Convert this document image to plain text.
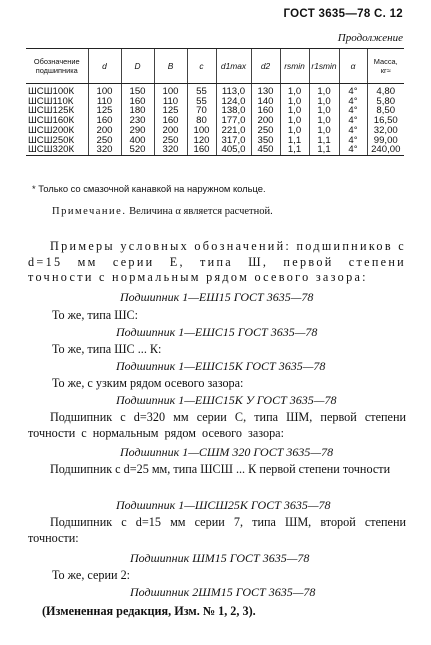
ГОСТ 3635—78 С. 12
Продолжение
Обозначение подшипника	d	D	B	c	d1max	d2	rsmin	r1smin	α	Масса, кг≈
ШСШ100К	100	150	100	55	113,0	130	1,0	1,0	4°	4,80
ШСШ110К	110	160	110	55	124,0	140	1,0	1,0	4°	5,80
ШСШ125К	125	180	125	70	138,0	160	1,0	1,0	4°	8,50
ШСШ160К	160	230	160	80	177,0	200	1,0	1,0	4°	16,50
ШСШ200К	200	290	200	100	221,0	250	1,0	1,0	4°	32,00
ШСШ250К	250	400	250	120	317,0	350	1,1	1,1	4°	99,00
ШСШ320К	320	520	320	160	405,0	450	1,1	1,1	4°	240,00
* Только со смазочной канавкой на наружном кольце.
Примечание. Величина α является расчетной.
Примеры условных обозначений: подшипников с d=15 мм серии Е, типа Ш, первой степени точности с нормальным рядом осевого зазора:
Подшипник 1—ЕШ15 ГОСТ 3635—78
То же, типа ШС:
Подшипник 1—ЕШС15 ГОСТ 3635—78
То же, типа ШС ... К:
Подшипник 1—ЕШС15К ГОСТ 3635—78
То же, с узким рядом осевого зазора:
Подшипник 1—ЕШС15К У ГОСТ 3635—78
Подшипник с d=320 мм серии С, типа ШМ, первой степени точности с нормальным рядом осевого зазора:
Подшипник 1—СШМ 320 ГОСТ 3635—78
Подшипник с d=25 мм, типа ШСШ ... К первой степени точности
Подшипник 1—ШСШ25К ГОСТ 3635—78
Подшипник с d=15 мм серии 7, типа ШМ, второй степени точности:
Подшипник ШМ15 ГОСТ 3635—78
То же, серии 2:
Подшипник 2ШМ15 ГОСТ 3635—78
(Измененная редакция, Изм. № 1, 2, 3).
